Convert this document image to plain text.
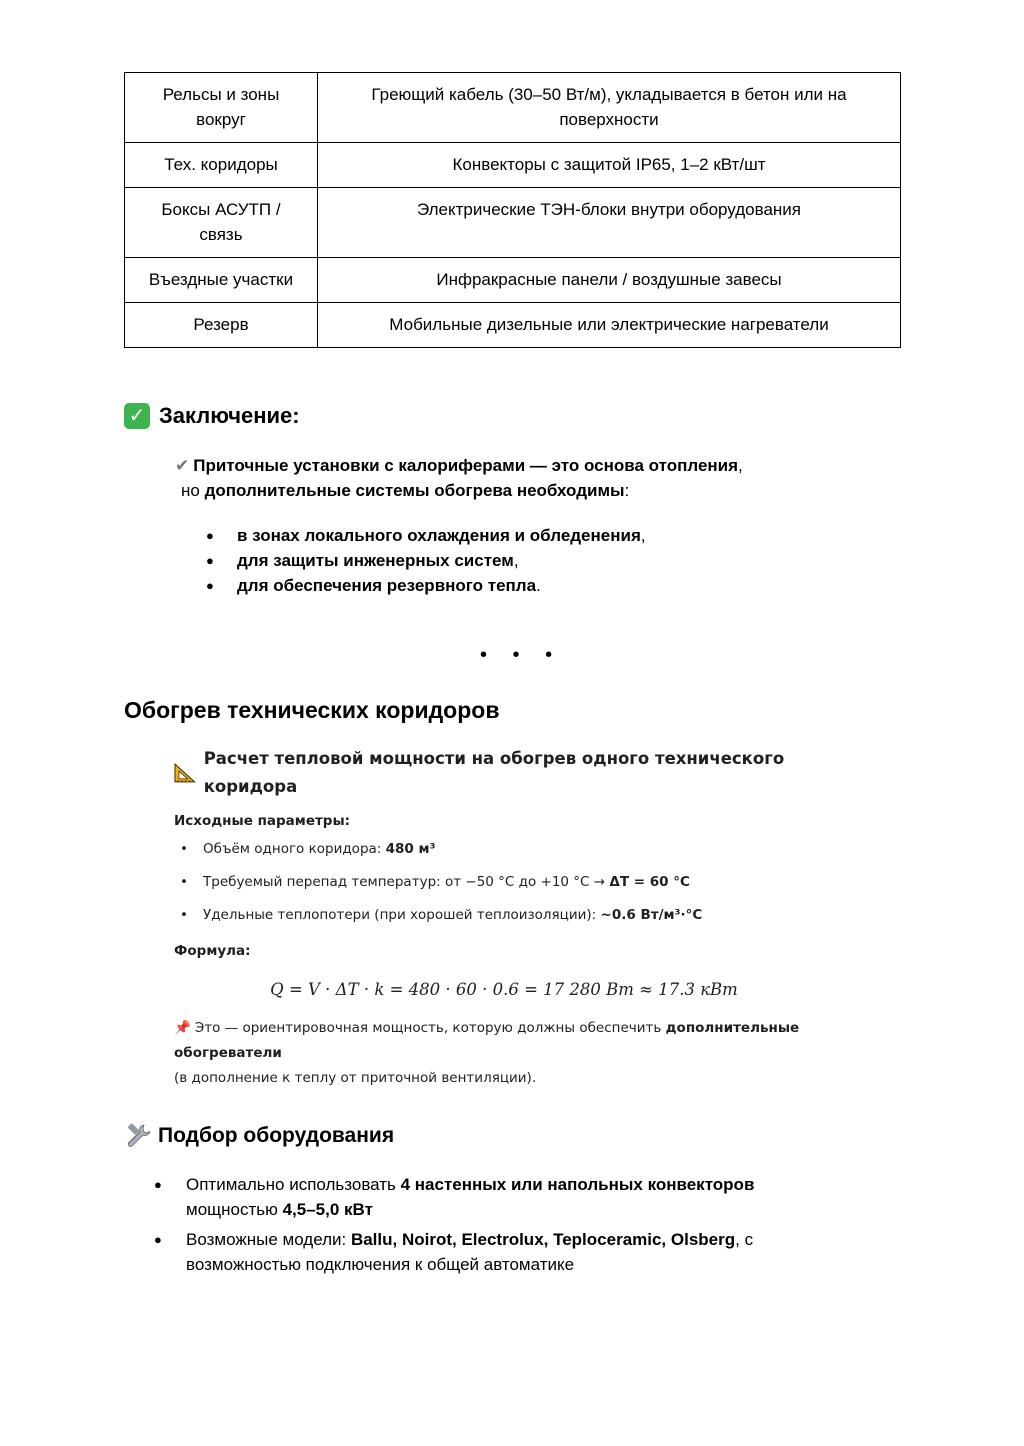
Рельсы и зоны вокруг	Греющий кабель (30–50 Вт/м), укладывается в бетон или на поверхности
Тех. коридоры	Конвекторы с защитой IP65, 1–2 кВт/шт
Боксы АСУТП / связь	Электрические ТЭН-блоки внутри оборудования
Въездные участки	Инфракрасные панели / воздушные завесы
Резерв	Мобильные дизельные или электрические нагреватели
✓ Заключение:
✔ Приточные установки с калориферами — это основа отопления,
но дополнительные системы обогрева необходимы:
● в зонах локального охлаждения и обледенения,
● для защиты инженерных систем,
● для обеспечения резервного тепла.
• • •
Обогрев технических коридоров
Расчет тепловой мощности на обогрев одного технического коридора
Исходные параметры:
• Объём одного коридора: 480 м³
• Требуемый перепад температур: от −50 °C до +10 °C → ΔT = 60 °C
• Удельные теплопотери (при хорошей теплоизоляции): ~0.6 Вт/м³·°C
Формула:
Q = V · ΔT · k = 480 · 60 · 0.6 = 17 280 Вт ≈ 17.3 кВт
📌 Это — ориентировочная мощность, которую должны обеспечить дополнительные обогреватели
(в дополнение к теплу от приточной вентиляции).
Подбор оборудования
● Оптимально использовать 4 настенных или напольных конвекторов
мощностью 4,5–5,0 кВт
● Возможные модели: Ballu, Noirot, Electrolux, Teploceramic, Olsberg, с возможностью подключения к общей автоматике
